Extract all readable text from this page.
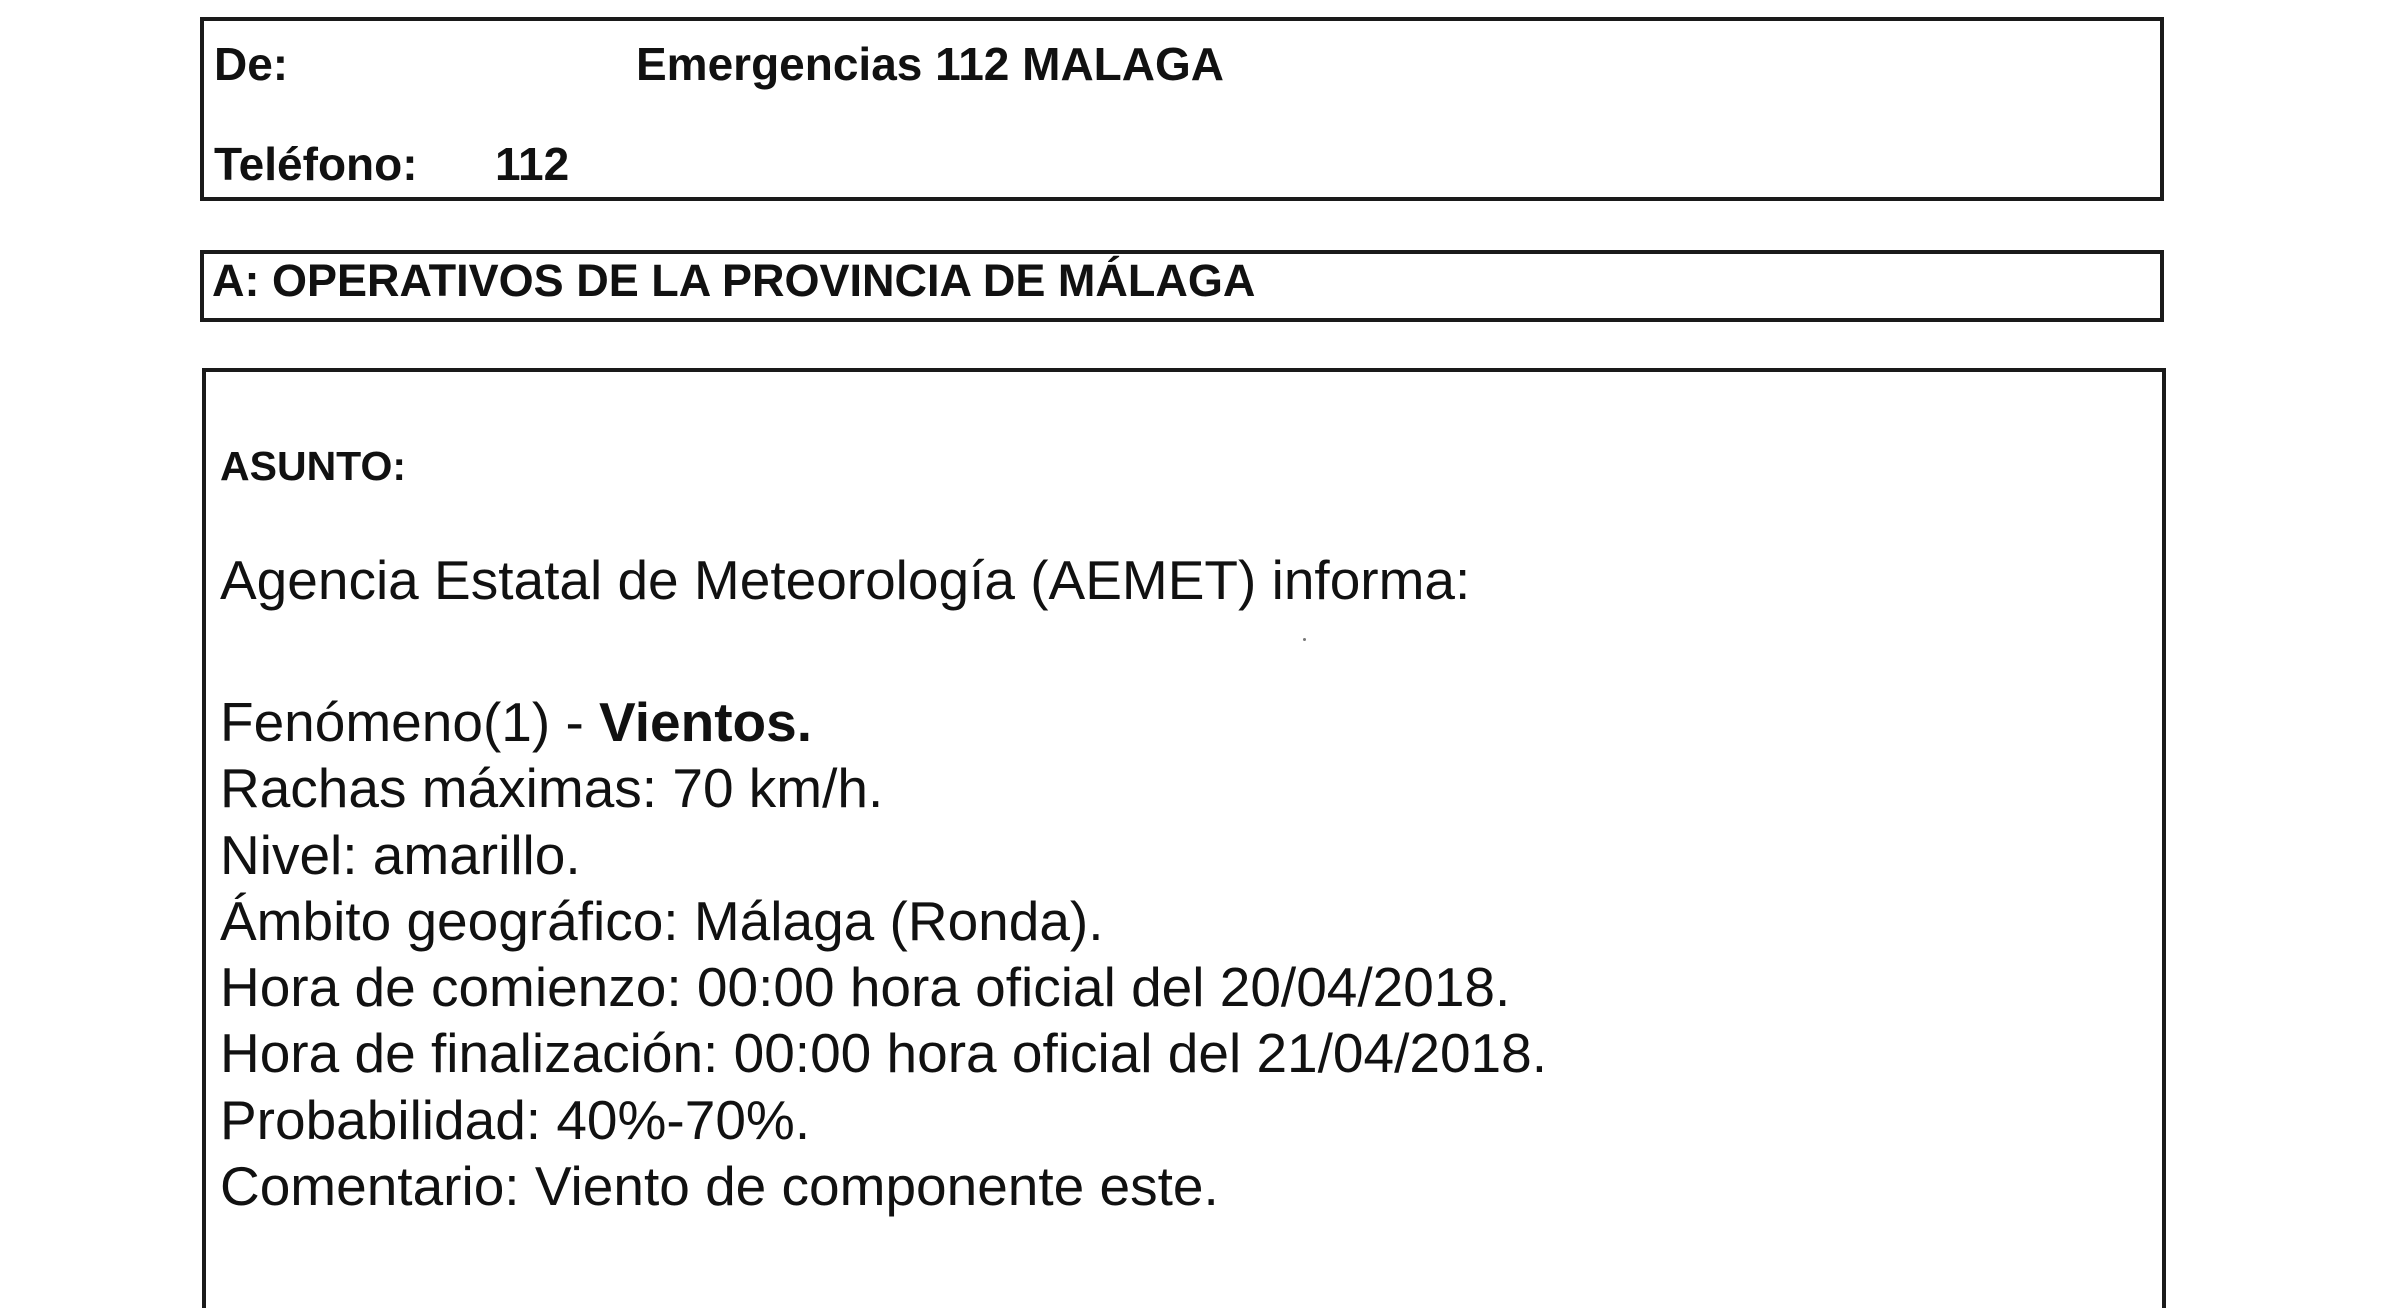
De:	Emergencias 112 MALAGA
Teléfono: 112
A: OPERATIVOS DE LA PROVINCIA DE MÁLAGA
ASUNTO:
Agencia Estatal de Meteorología (AEMET) informa:
Fenómeno(1) - Vientos.
Rachas máximas: 70 km/h.
Nivel: amarillo.
Ámbito geográfico: Málaga (Ronda).
Hora de comienzo: 00:00 hora oficial del 20/04/2018.
Hora de finalización: 00:00 hora oficial del 21/04/2018.
Probabilidad: 40%-70%.
Comentario: Viento de componente este.
